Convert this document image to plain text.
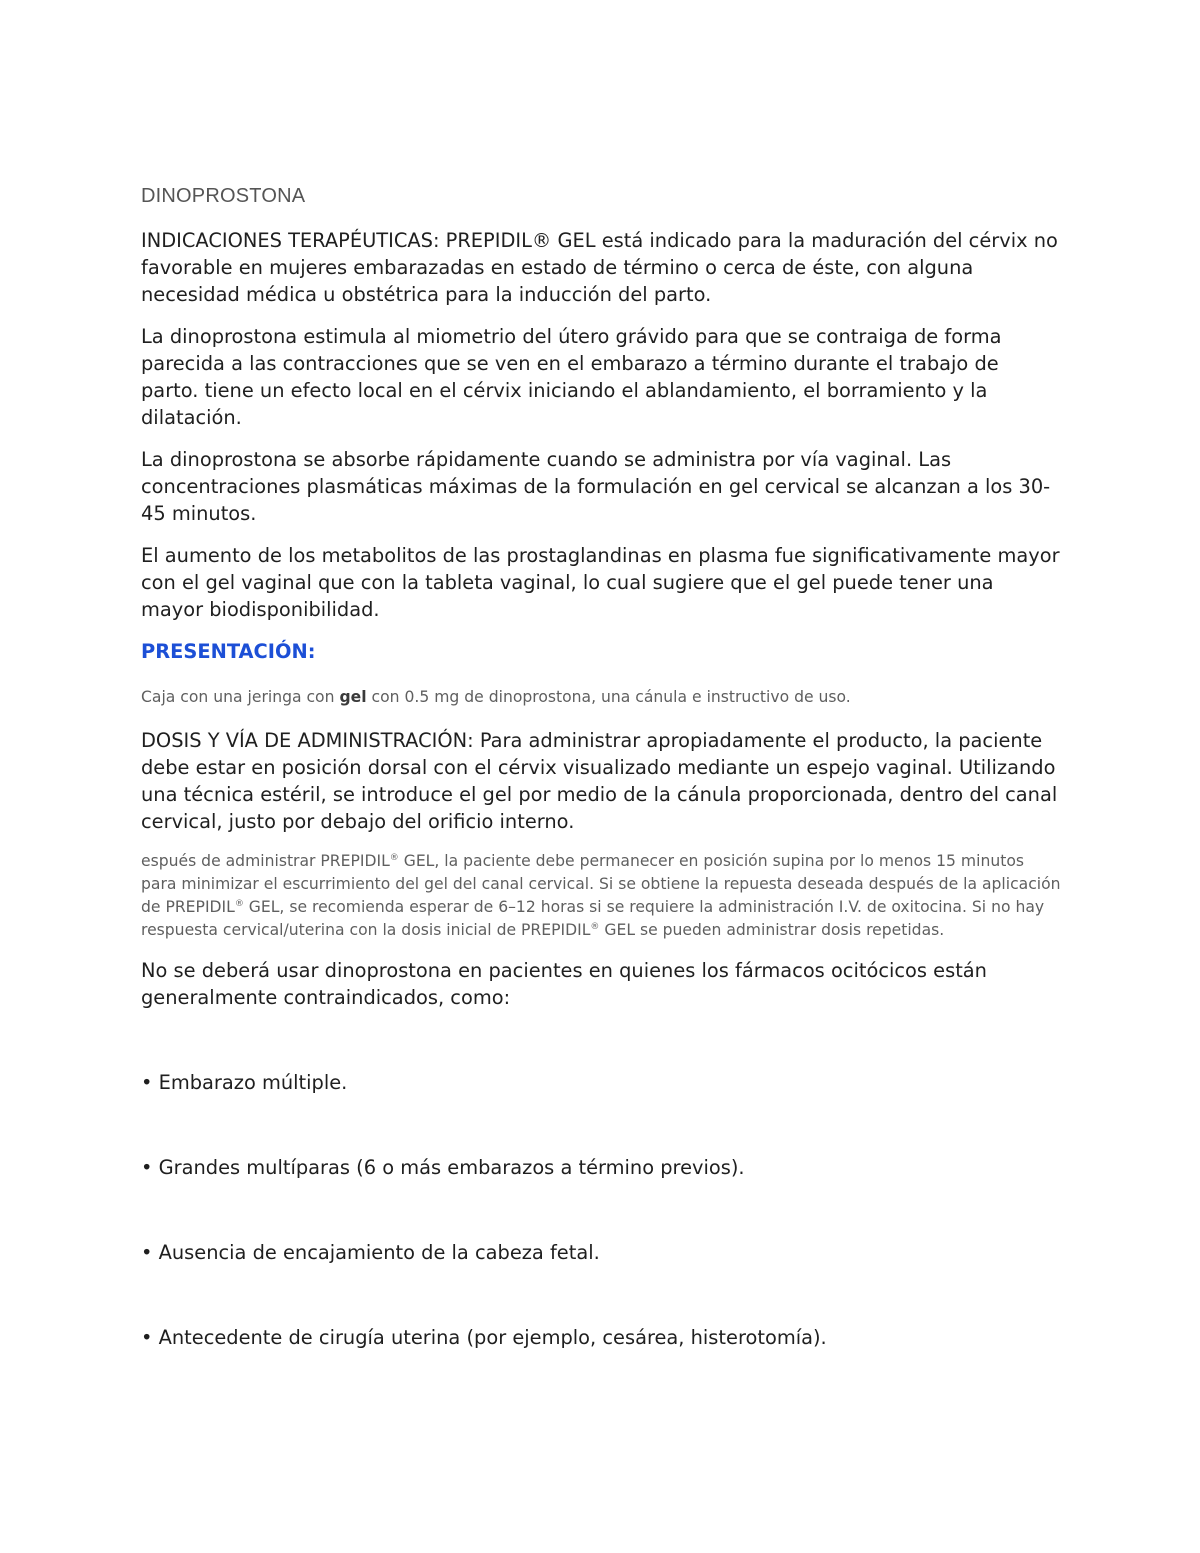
DINOPROSTONA

INDICACIONES TERAPÉUTICAS: PREPIDIL® GEL está indicado para la maduración del cérvix no favorable en mujeres embarazadas en estado de término o cerca de éste, con alguna necesidad médica u obstétrica para la inducción del parto.

La dinoprostona estimula al miometrio del útero grávido para que se contraiga de forma parecida a las contracciones que se ven en el embarazo a término durante el trabajo de parto. tiene un efecto local en el cérvix iniciando el ablandamiento, el borramiento y la dilatación.

La dinoprostona se absorbe rápidamente cuando se administra por vía vaginal. Las concentraciones plasmáticas máximas de la formulación en gel cervical se alcanzan a los 30-45 minutos.

El aumento de los metabolitos de las prostaglandinas en plasma fue significativamente mayor con el gel vaginal que con la tableta vaginal, lo cual sugiere que el gel puede tener una mayor biodisponibilidad.

PRESENTACIÓN:

Caja con una jeringa con gel con 0.5 mg de dinoprostona, una cánula e instructivo de uso.

DOSIS Y VÍA DE ADMINISTRACIÓN: Para administrar apropiadamente el producto, la paciente debe estar en posición dorsal con el cérvix visualizado mediante un espejo vaginal. Utilizando una técnica estéril, se introduce el gel por medio de la cánula proporcionada, dentro del canal cervical, justo por debajo del orificio interno.

espués de administrar PREPIDIL® GEL, la paciente debe permanecer en posición supina por lo menos 15 minutos para minimizar el escurrimiento del gel del canal cervical. Si se obtiene la repuesta deseada después de la aplicación de PREPIDIL® GEL, se recomienda esperar de 6–12 horas si se requiere la administración I.V. de oxitocina. Si no hay respuesta cervical/uterina con la dosis inicial de PREPIDIL® GEL se pueden administrar dosis repetidas.

No se deberá usar dinoprostona en pacientes en quienes los fármacos ocitócicos están generalmente contraindicados, como:

• Embarazo múltiple.

• Grandes multíparas (6 o más embarazos a término previos).

• Ausencia de encajamiento de la cabeza fetal.

• Antecedente de cirugía uterina (por ejemplo, cesárea, histerotomía).
